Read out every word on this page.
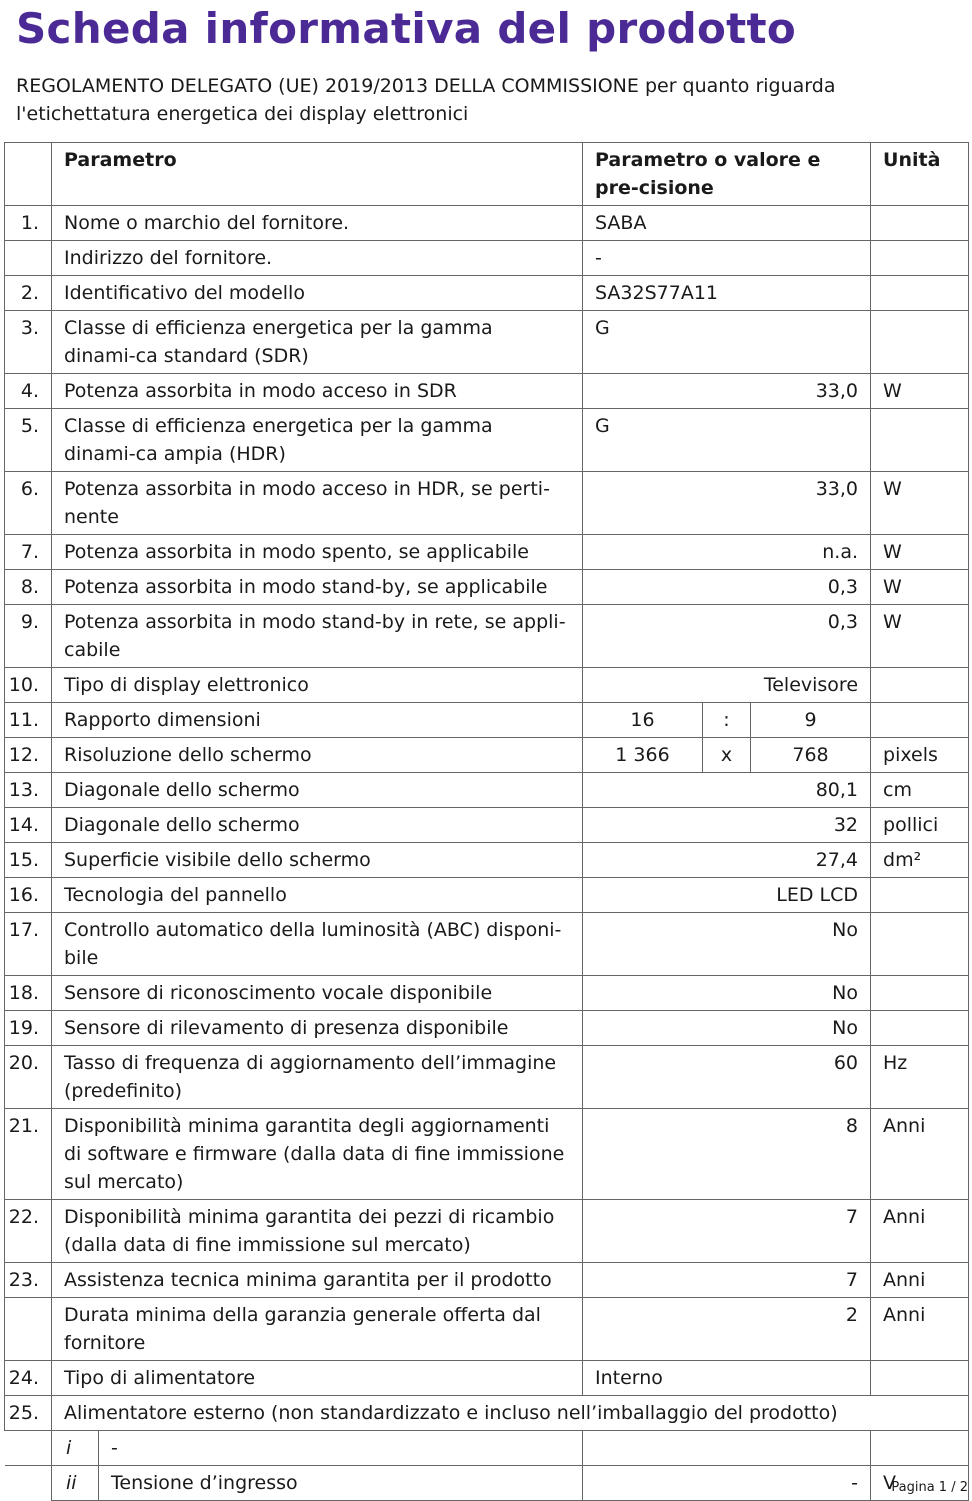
Scheda informativa del prodotto
REGOLAMENTO DELEGATO (UE) 2019/2013 DELLA COMMISSIONE per quanto riguarda l'etichettatura energetica dei display elettronici
	Parametro		Parametro o valore e pre-cisione			Unità
1.	Nome o marchio del fornitore.		SABA			
	Indirizzo del fornitore.		-			
2.	Identificativo del modello		SA32S77A11			
3.	Classe di efficienza energetica per la gamma dinami-ca standard (SDR)		G			
4.	Potenza assorbita in modo acceso in SDR		33,0			W
5.	Classe di efficienza energetica per la gamma dinami-ca ampia (HDR)		G			
6.	Potenza assorbita in modo acceso in HDR, se perti-nente		33,0			W
7.	Potenza assorbita in modo spento, se applicabile		n.a.			W
8.	Potenza assorbita in modo stand-by, se applicabile		0,3			W
9.	Potenza assorbita in modo stand-by in rete, se appli-cabile		0,3			W
10.	Tipo di display elettronico		Televisore			
11.	Rapporto dimensioni		16	:	9	
12.	Risoluzione dello schermo		1 366	x	768	pixels
13.	Diagonale dello schermo		80,1			cm
14.	Diagonale dello schermo		32			pollici
15.	Superficie visibile dello schermo		27,4			dm²
16.	Tecnologia del pannello		LED LCD			
17.	Controllo automatico della luminosità (ABC) disponi-bile		No			
18.	Sensore di riconoscimento vocale disponibile		No			
19.	Sensore di rilevamento di presenza disponibile		No			
20.	Tasso di frequenza di aggiornamento dell’immagine (predefinito)		60			Hz
21.	Disponibilità minima garantita degli aggiornamenti di software e firmware (dalla data di fine immissione sul mercato)		8			Anni
22.	Disponibilità minima garantita dei pezzi di ricambio (dalla data di fine immissione sul mercato)		7			Anni
23.	Assistenza tecnica minima garantita per il prodotto		7			Anni
	Durata minima della garanzia generale offerta dal fornitore		2			Anni
24.	Tipo di alimentatore		Interno			
25.	Alimentatore esterno (non standardizzato e incluso nell’imballaggio del prodotto)					
	i	-				
	ii	Tensione d’ingresso	-			V
Pagina 1 / 2
